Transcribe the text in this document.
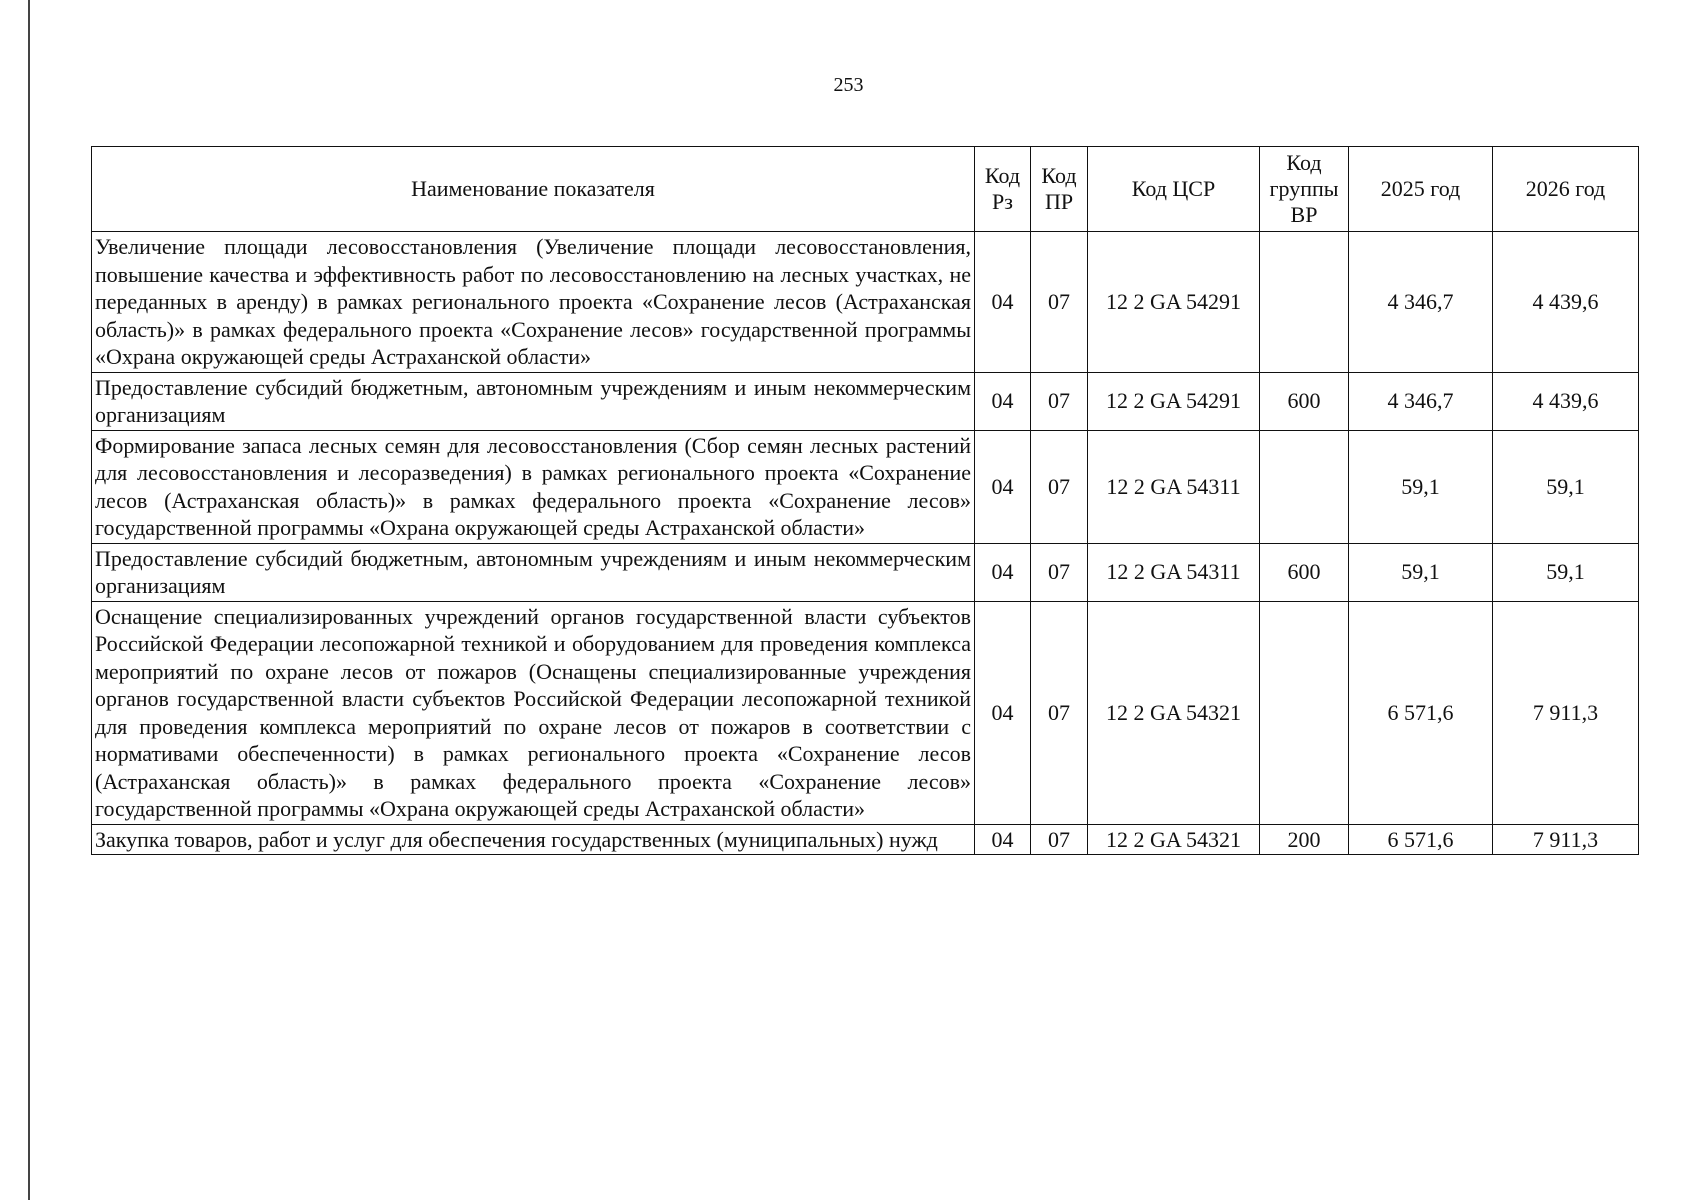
253
Наименование показателя	Код Рз	Код ПР	Код ЦСР	Код группы ВР	2025 год	2026 год
Увеличение площади лесовосстановления (Увеличение площади лесовосстановления, повышение качества и эффективность работ по лесовосстановлению на лесных участках, не переданных в аренду) в рамках регионального проекта «Сохранение лесов (Астраханская область)» в рамках федерального проекта «Сохранение лесов» государственной программы «Охрана окружающей среды Астраханской области»	04	07	12 2 GA 54291		4 346,7	4 439,6
Предоставление субсидий бюджетным, автономным учреждениям и иным некоммерческим организациям	04	07	12 2 GA 54291	600	4 346,7	4 439,6
Формирование запаса лесных семян для лесовосстановления (Сбор семян лесных растений для лесовосстановления и лесоразведения) в рамках регионального проекта «Сохранение лесов (Астраханская область)» в рамках федерального проекта «Сохранение лесов» государственной программы «Охрана окружающей среды Астраханской области»	04	07	12 2 GA 54311		59,1	59,1
Предоставление субсидий бюджетным, автономным учреждениям и иным некоммерческим организациям	04	07	12 2 GA 54311	600	59,1	59,1
Оснащение специализированных учреждений органов государственной власти субъектов Российской Федерации лесопожарной техникой и оборудованием для проведения комплекса мероприятий по охране лесов от пожаров (Оснащены специализированные учреждения органов государственной власти субъектов Российской Федерации лесопожарной техникой для проведения комплекса мероприятий по охране лесов от пожаров в соответствии с нормативами обеспеченности) в рамках регионального проекта «Сохранение лесов (Астраханская область)» в рамках федерального проекта «Сохранение лесов» государственной программы «Охрана окружающей среды Астраханской области»	04	07	12 2 GA 54321		6 571,6	7 911,3
Закупка товаров, работ и услуг для обеспечения государственных (муниципальных) нужд	04	07	12 2 GA 54321	200	6 571,6	7 911,3
